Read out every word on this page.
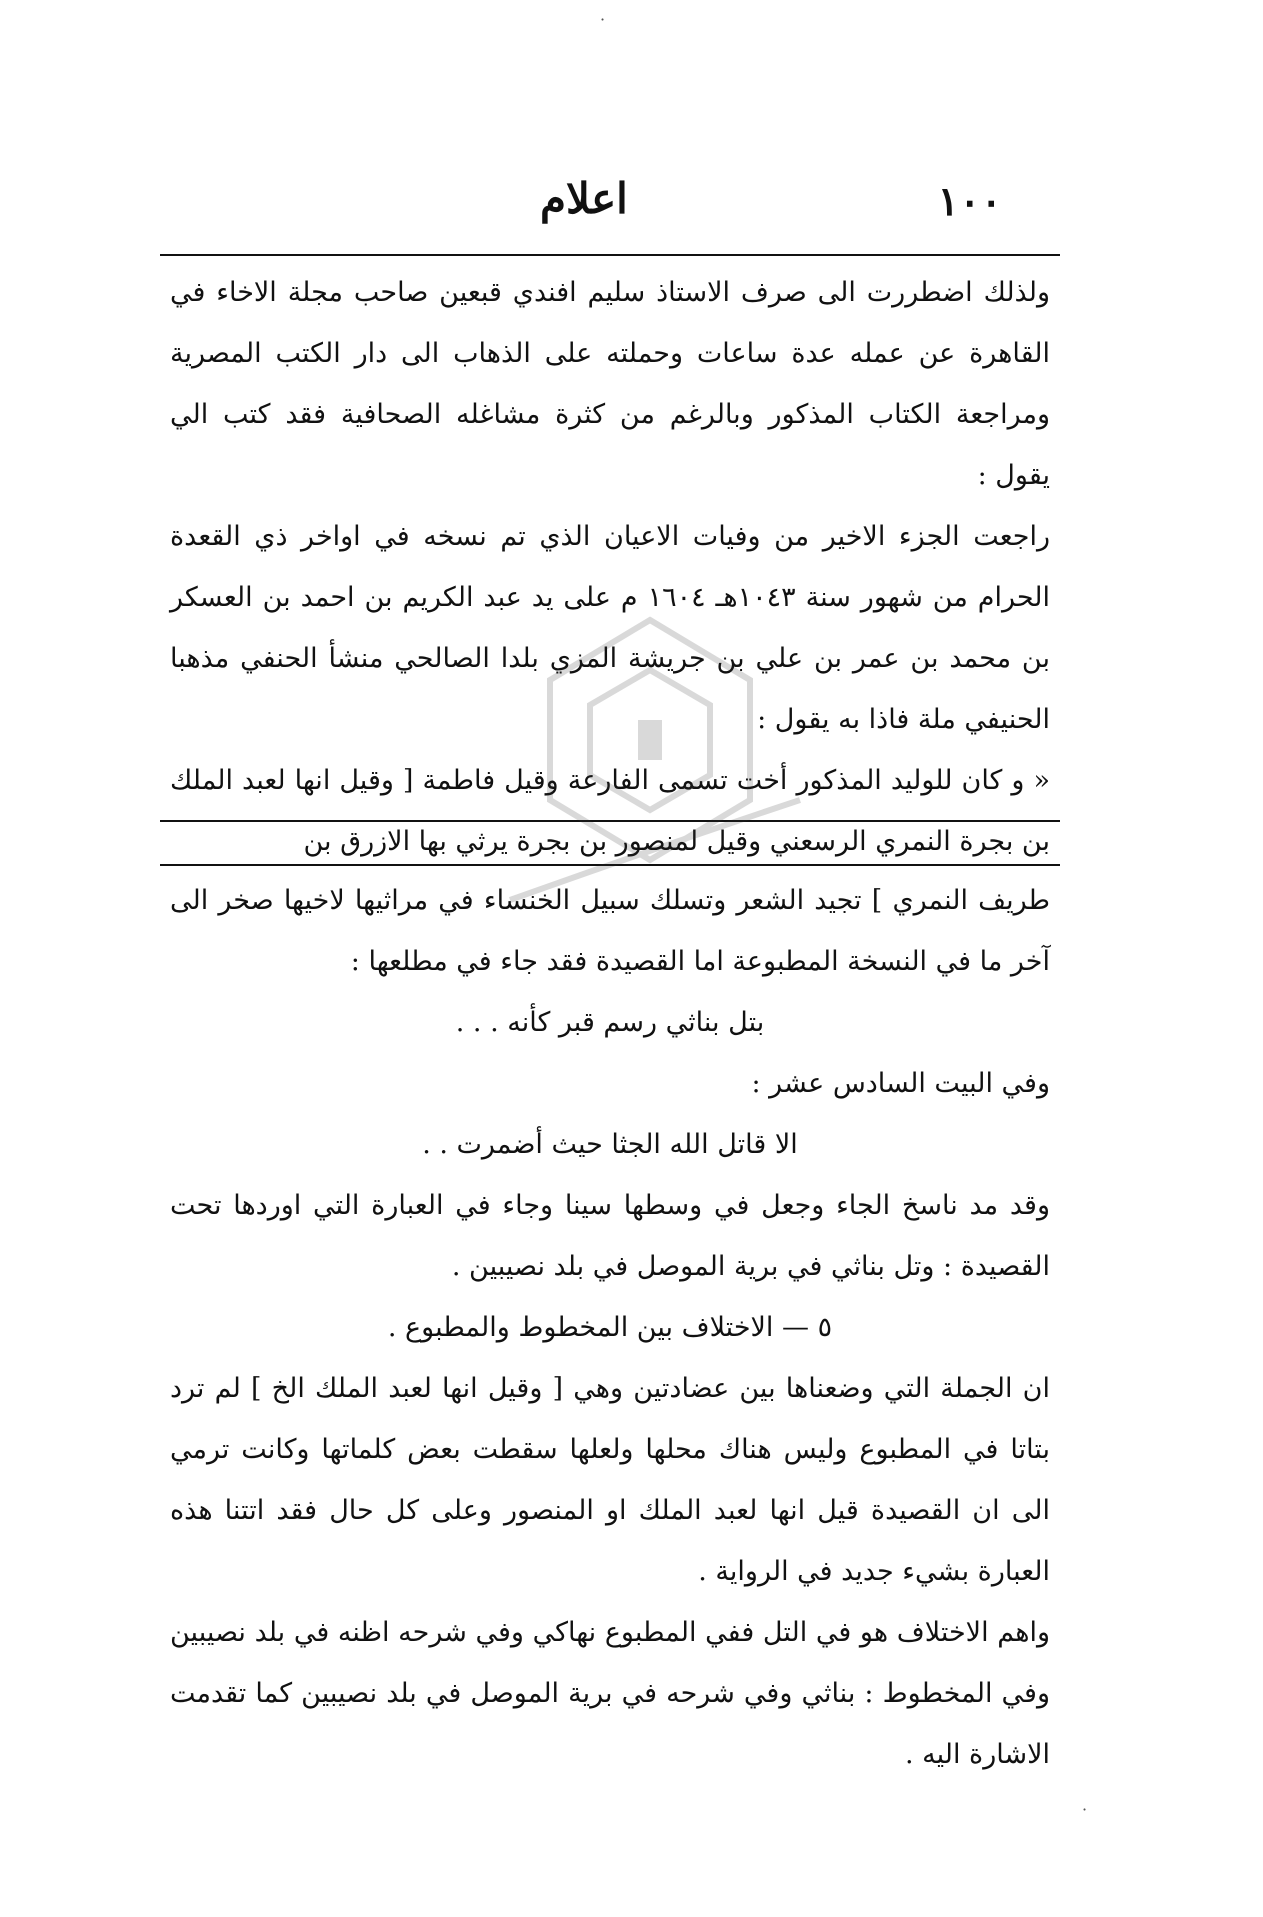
١٠٠
اعلام

ولذلك اضطررت الى صرف الاستاذ سليم افندي قبعين صاحب مجلة الاخاء في القاهرة عن عمله عدة ساعات وحملته على الذهاب الى دار الكتب المصرية ومراجعة الكتاب المذكور وبالرغم من كثرة مشاغله الصحافية فقد كتب الي يقول :

راجعت الجزء الاخير من وفيات الاعيان الذي تم نسخه في اواخر ذي القعدة الحرام من شهور سنة ١٠٤٣هـ ١٦٠٤ م على يد عبد الكريم بن احمد بن العسكر بن محمد بن عمر بن علي بن جريشة المزي بلدا الصالحي منشأ الحنفي مذهبا الحنيفي ملة فاذا به يقول :

« و كان للوليد المذكور أخت تسمى الفارعة وقيل فاطمة [ وقيل انها لعبد الملك بن بجرة النمري الرسعني وقيل لمنصور بن بجرة يرثي بها الازرق بن

طريف النمري ] تجيد الشعر وتسلك سبيل الخنساء في مراثيها لاخيها صخر الى آخر ما في النسخة المطبوعة اما القصيدة فقد جاء في مطلعها :

بتل بناثي رسم قبر كأنه . . .

وفي البيت السادس عشر :

الا قاتل الله الجثا حيث أضمرت . .

وقد مد ناسخ الجاء وجعل في وسطها سينا وجاء في العبارة التي اوردها تحت القصيدة : وتل بناثي في برية الموصل في بلد نصيبين .

٥ — الاختلاف بين المخطوط والمطبوع .

ان الجملة التي وضعناها بين عضادتين وهي [ وقيل انها لعبد الملك الخ ] لم ترد بتاتا في المطبوع وليس هناك محلها ولعلها سقطت بعض كلماتها وكانت ترمي الى ان القصيدة قيل انها لعبد الملك او المنصور وعلى كل حال فقد اتتنا هذه العبارة بشيء جديد في الرواية .

واهم الاختلاف هو في التل ففي المطبوع نهاكي وفي شرحه اظنه في بلد نصيبين وفي المخطوط : بناثي وفي شرحه في برية الموصل في بلد نصيبين كما تقدمت الاشارة اليه .

·
·
